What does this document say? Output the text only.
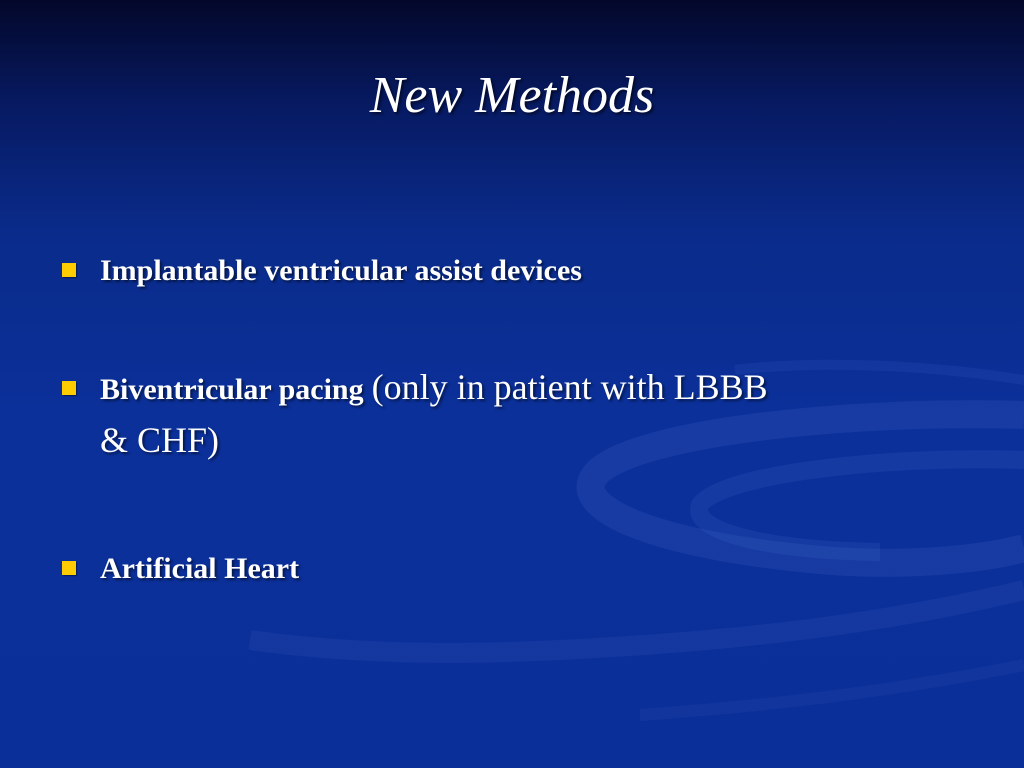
New Methods
Implantable ventricular assist devices
Biventricular pacing (only in patient with LBBB
& CHF)
Artificial Heart
